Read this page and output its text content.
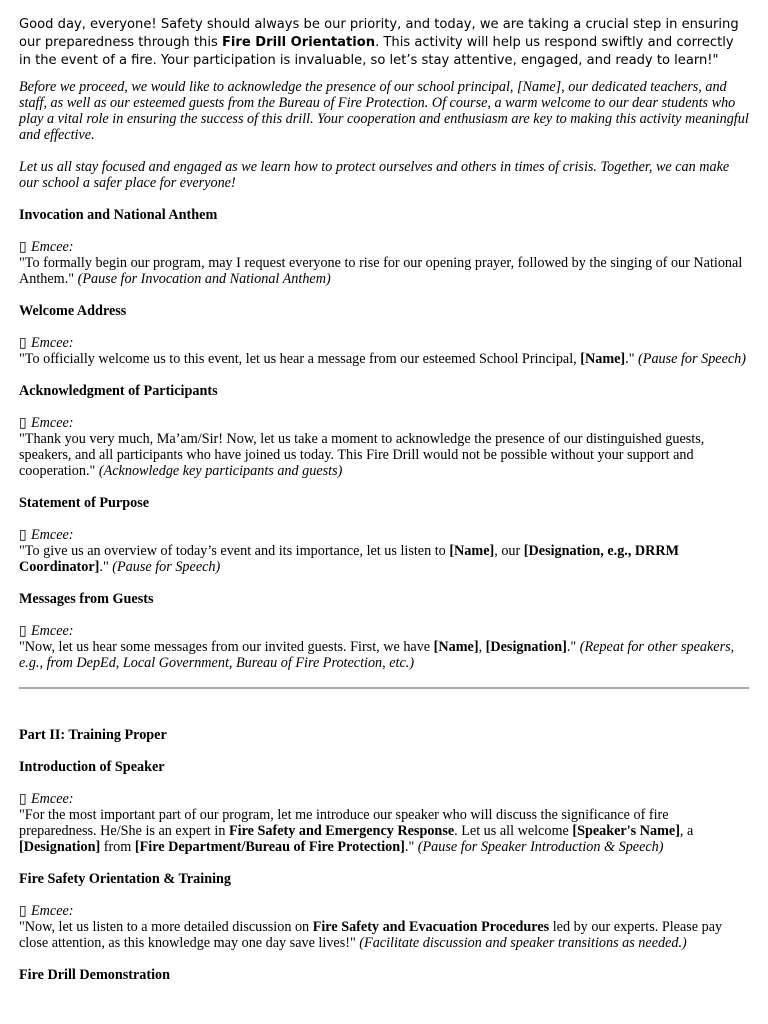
Good day, everyone! Safety should always be our priority, and today, we are taking a crucial step in ensuring our preparedness through this Fire Drill Orientation. This activity will help us respond swiftly and correctly in the event of a fire. Your participation is invaluable, so let’s stay attentive, engaged, and ready to learn!"

Before we proceed, we would like to acknowledge the presence of our school principal, [Name], our dedicated teachers, and staff, as well as our esteemed guests from the Bureau of Fire Protection. Of course, a warm welcome to our dear students who play a vital role in ensuring the success of this drill. Your cooperation and enthusiasm are key to making this activity meaningful and effective.

Let us all stay focused and engaged as we learn how to protect ourselves and others in times of crisis. Together, we can make our school a safer place for everyone!

Invocation and National Anthem
▯ Emcee:
"To formally begin our program, may I request everyone to rise for our opening prayer, followed by the singing of our National Anthem." (Pause for Invocation and National Anthem)
Welcome Address
▯ Emcee:
"To officially welcome us to this event, let us hear a message from our esteemed School Principal, [Name]." (Pause for Speech)
Acknowledgment of Participants
▯ Emcee:
"Thank you very much, Ma’am/Sir! Now, let us take a moment to acknowledge the presence of our distinguished guests, speakers, and all participants who have joined us today. This Fire Drill would not be possible without your support and cooperation." (Acknowledge key participants and guests)
Statement of Purpose
▯ Emcee:
"To give us an overview of today’s event and its importance, let us listen to [Name], our [Designation, e.g., DRRM Coordinator]." (Pause for Speech)
Messages from Guests
▯ Emcee:
"Now, let us hear some messages from our invited guests. First, we have [Name], [Designation]." (Repeat for other speakers, e.g., from DepEd, Local Government, Bureau of Fire Protection, etc.)
Part II: Training Proper
Introduction of Speaker
▯ Emcee:
"For the most important part of our program, let me introduce our speaker who will discuss the significance of fire preparedness. He/She is an expert in Fire Safety and Emergency Response. Let us all welcome [Speaker's Name], a [Designation] from [Fire Department/Bureau of Fire Protection]." (Pause for Speaker Introduction & Speech)
Fire Safety Orientation & Training
▯ Emcee:
"Now, let us listen to a more detailed discussion on Fire Safety and Evacuation Procedures led by our experts. Please pay close attention, as this knowledge may one day save lives!" (Facilitate discussion and speaker transitions as needed.)
Fire Drill Demonstration
